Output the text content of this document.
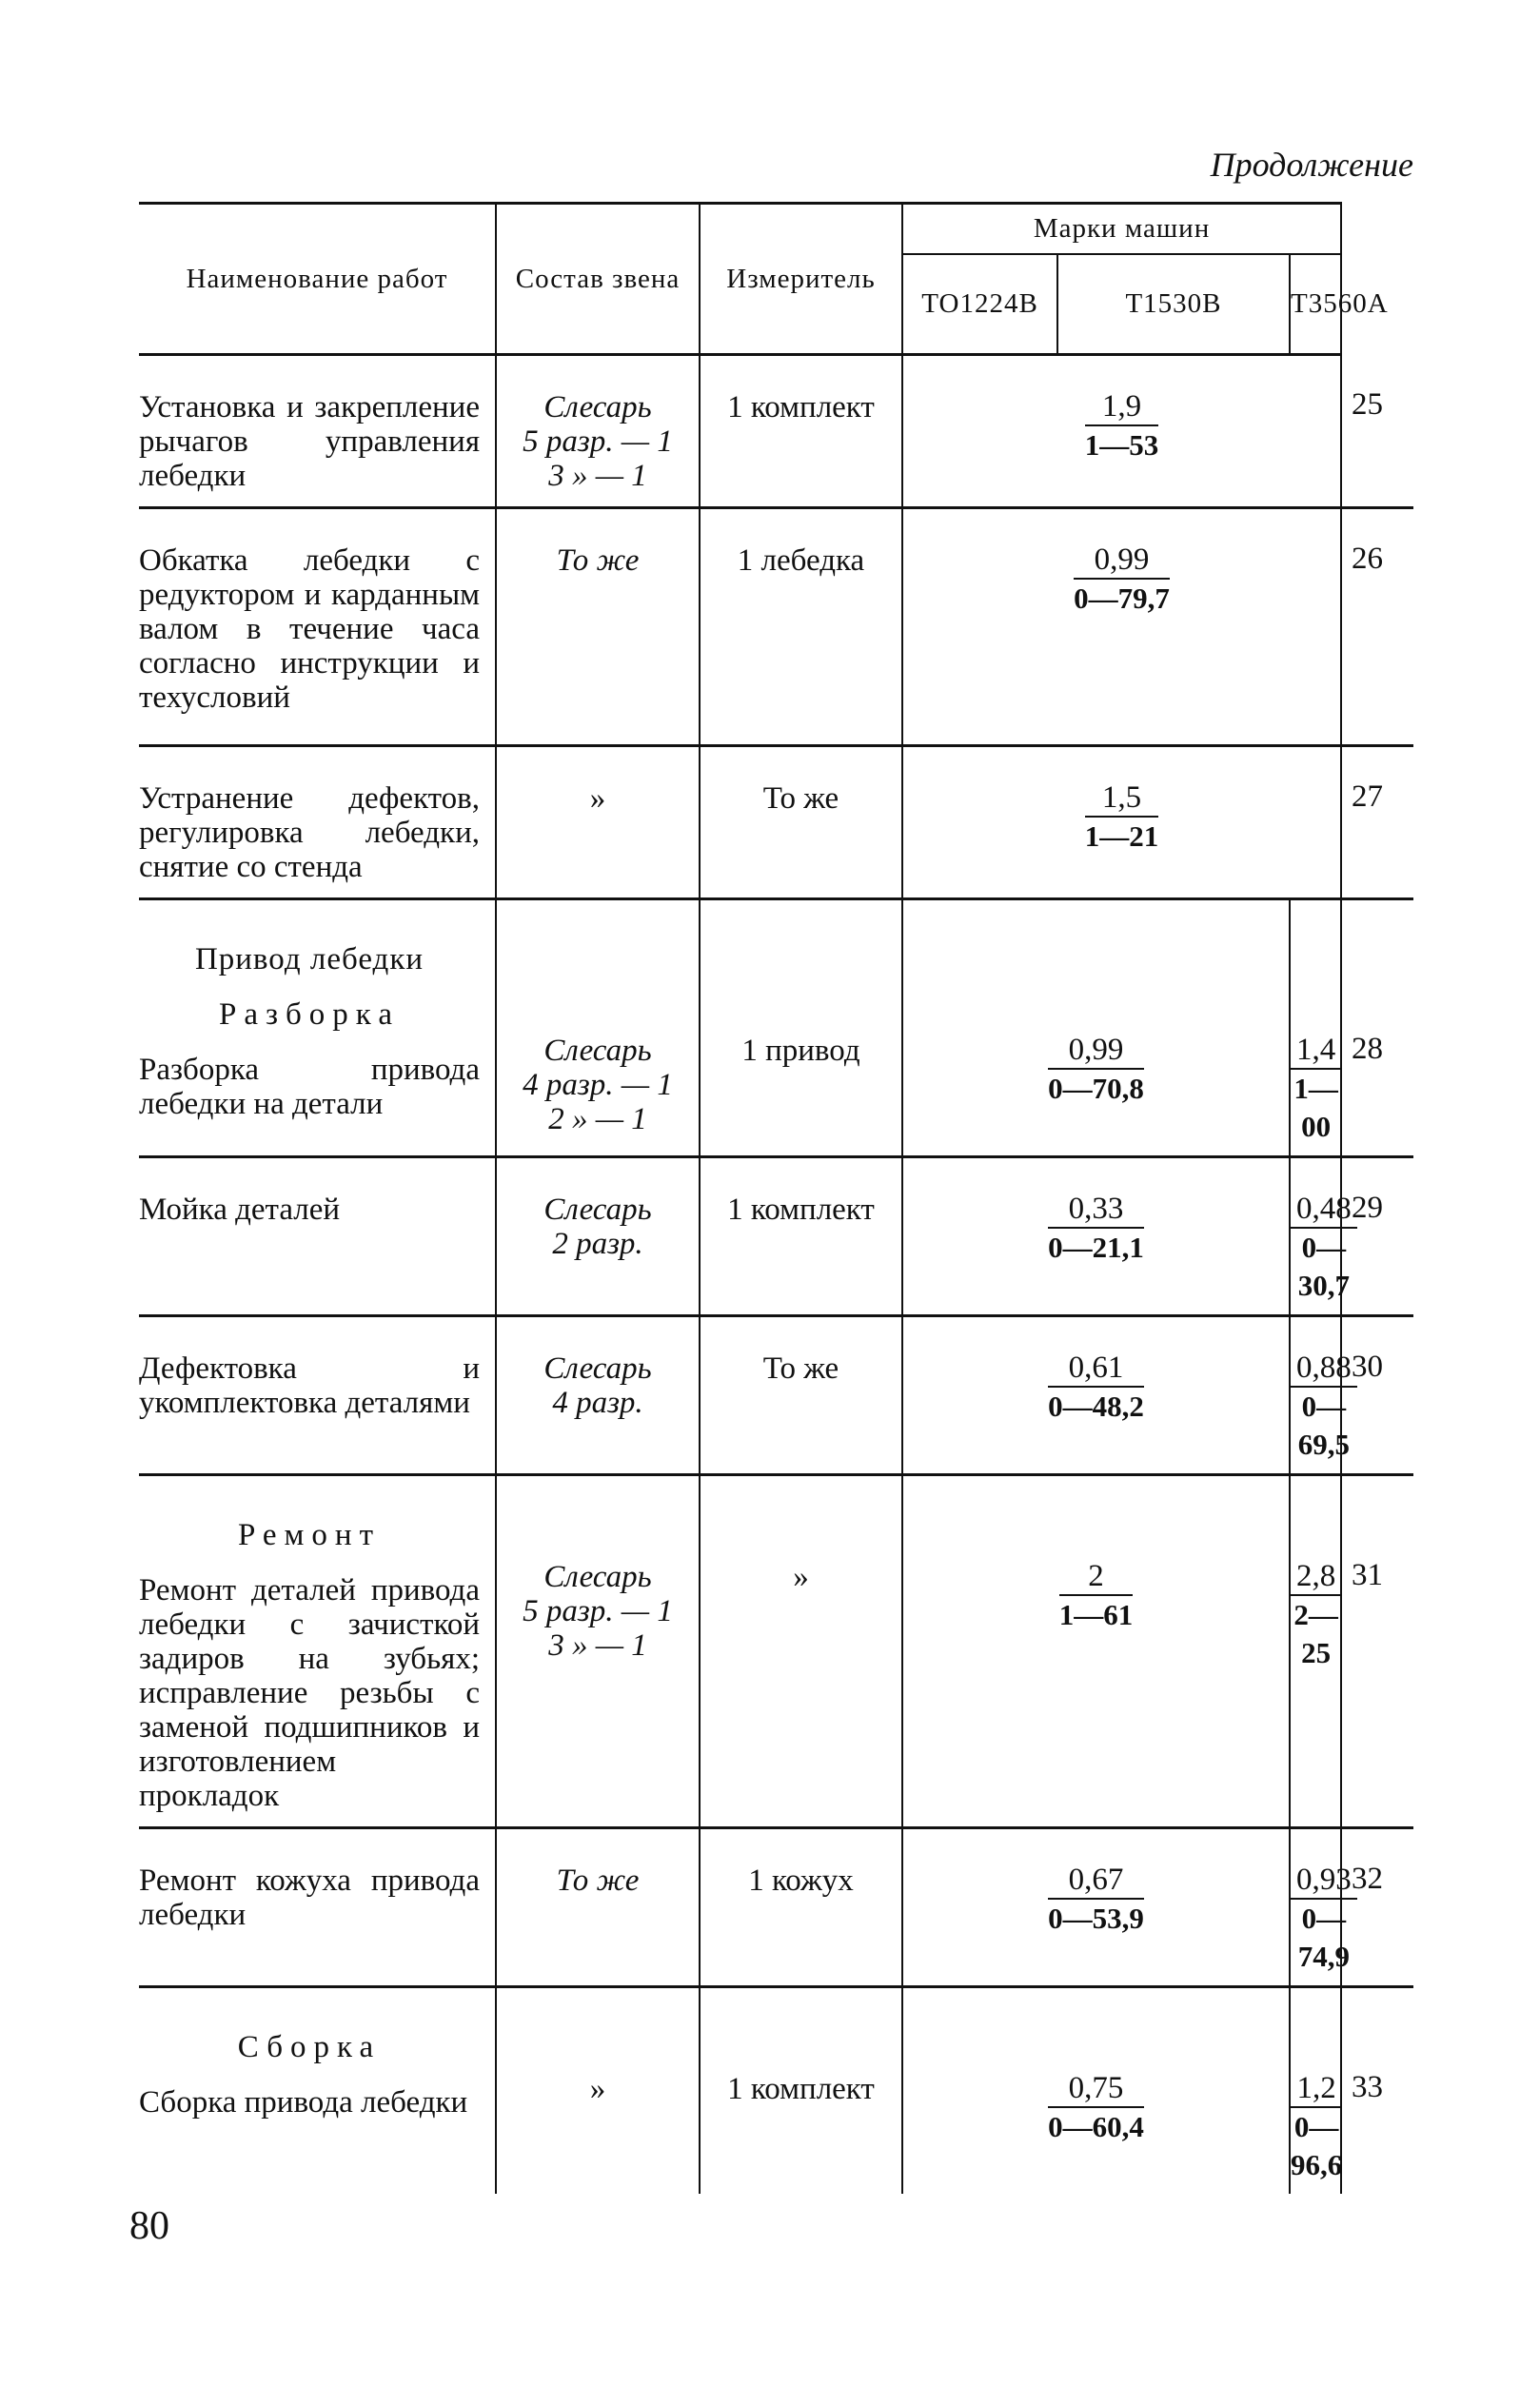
Продолжение
Наименование работ	Состав звена	Измеритель	Марки машин			
			ТО1224В	Т1530В	Т3560А	
Установка и закрепление рычагов управления лебедки	Слесарь
5 разр. — 1
3 » — 1	1 комплект	$\frac{1,9}{1—53}$			25
Обкатка лебедки с редуктором и карданным валом в течение часа согласно инструкции и техусловий	То же	1 лебедка	$\frac{0,99}{0—79,7}$			26
Устранение дефектов, регулировка лебедки, снятие со стенда	»	То же	$\frac{1,5}{1—21}$			27

Привод лебедки
Разборка
Разборка привода лебедки на детали	Слесарь
4 разр. — 1
2 » — 1	1 привод	$\frac{0,99}{0—70,8}$		$\frac{1,4}{1—00}$	28
Мойка деталей	Слесарь
2 разр.	1 комплект	$\frac{0,33}{0—21,1}$		$\frac{0,48}{0—30,7}$	29
Дефектовка и укомплектовка деталями	Слесарь
4 разр.	То же	$\frac{0,61}{0—48,2}$		$\frac{0,88}{0—69,5}$	30

Ремонт
Ремонт деталей привода лебедки с зачисткой задиров на зубьях; исправление резьбы с заменой подшипников и изготовлением прокладок	Слесарь
5 разр. — 1
3 » — 1	»	$\frac{2}{1—61}$		$\frac{2,8}{2—25}$	31
Ремонт кожуха привода лебедки	То же	1 кожух	$\frac{0,67}{0—53,9}$		$\frac{0,93}{0—74,9}$	32

Сборка
Сборка привода лебедки	»	1 комплект	$\frac{0,75}{0—60,4}$		$\frac{1,2}{0—96,6}$	33
80
